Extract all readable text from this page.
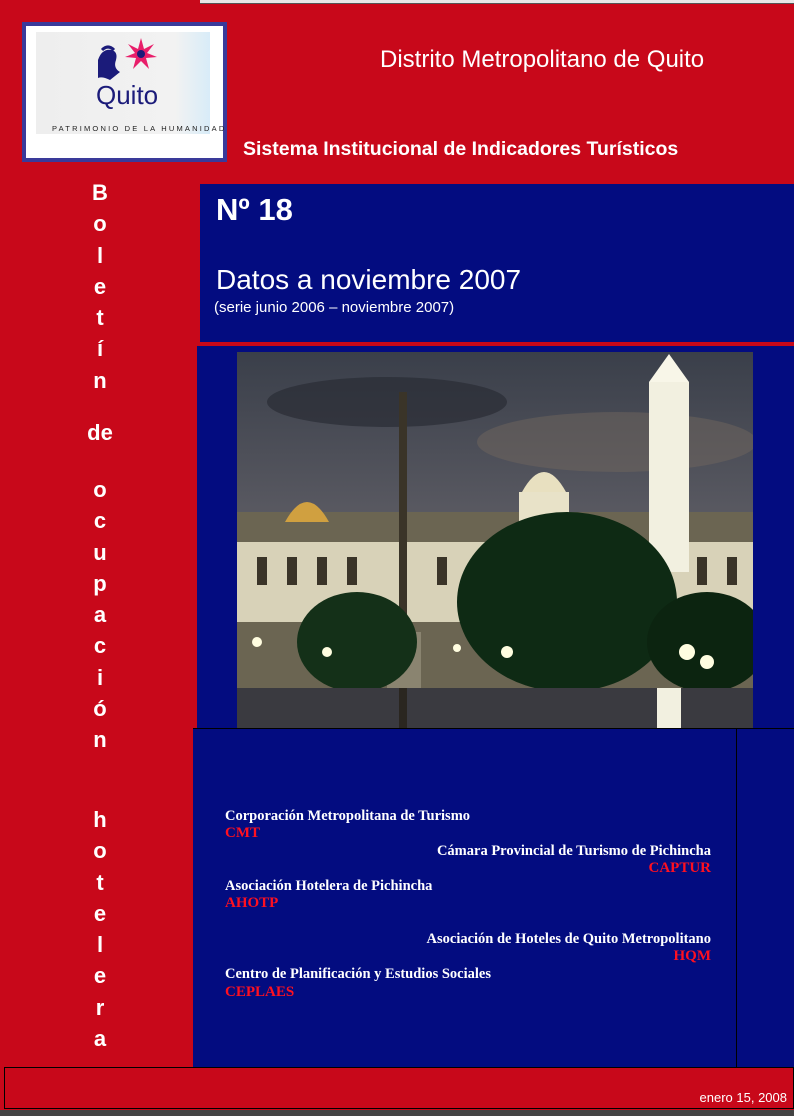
Quito
PATRIMONIO DE LA HUMANIDAD
Distrito Metropolitano de Quito
Sistema Institucional de Indicadores Turísticos
B
o
l
e
t
í
n
de
o
c
u
p
a
c
i
ó
n
h
o
t
e
l
e
r
a
Nº 18
Datos a noviembre 2007
(serie junio 2006 – noviembre 2007)
Corporación Metropolitana de Turismo
CMT
Cámara Provincial de Turismo de Pichincha
CAPTUR
Asociación Hotelera de Pichincha
AHOTP
Asociación de Hoteles de Quito Metropolitano
HQM
Centro de Planificación y Estudios Sociales
CEPLAES
enero 15, 2008
